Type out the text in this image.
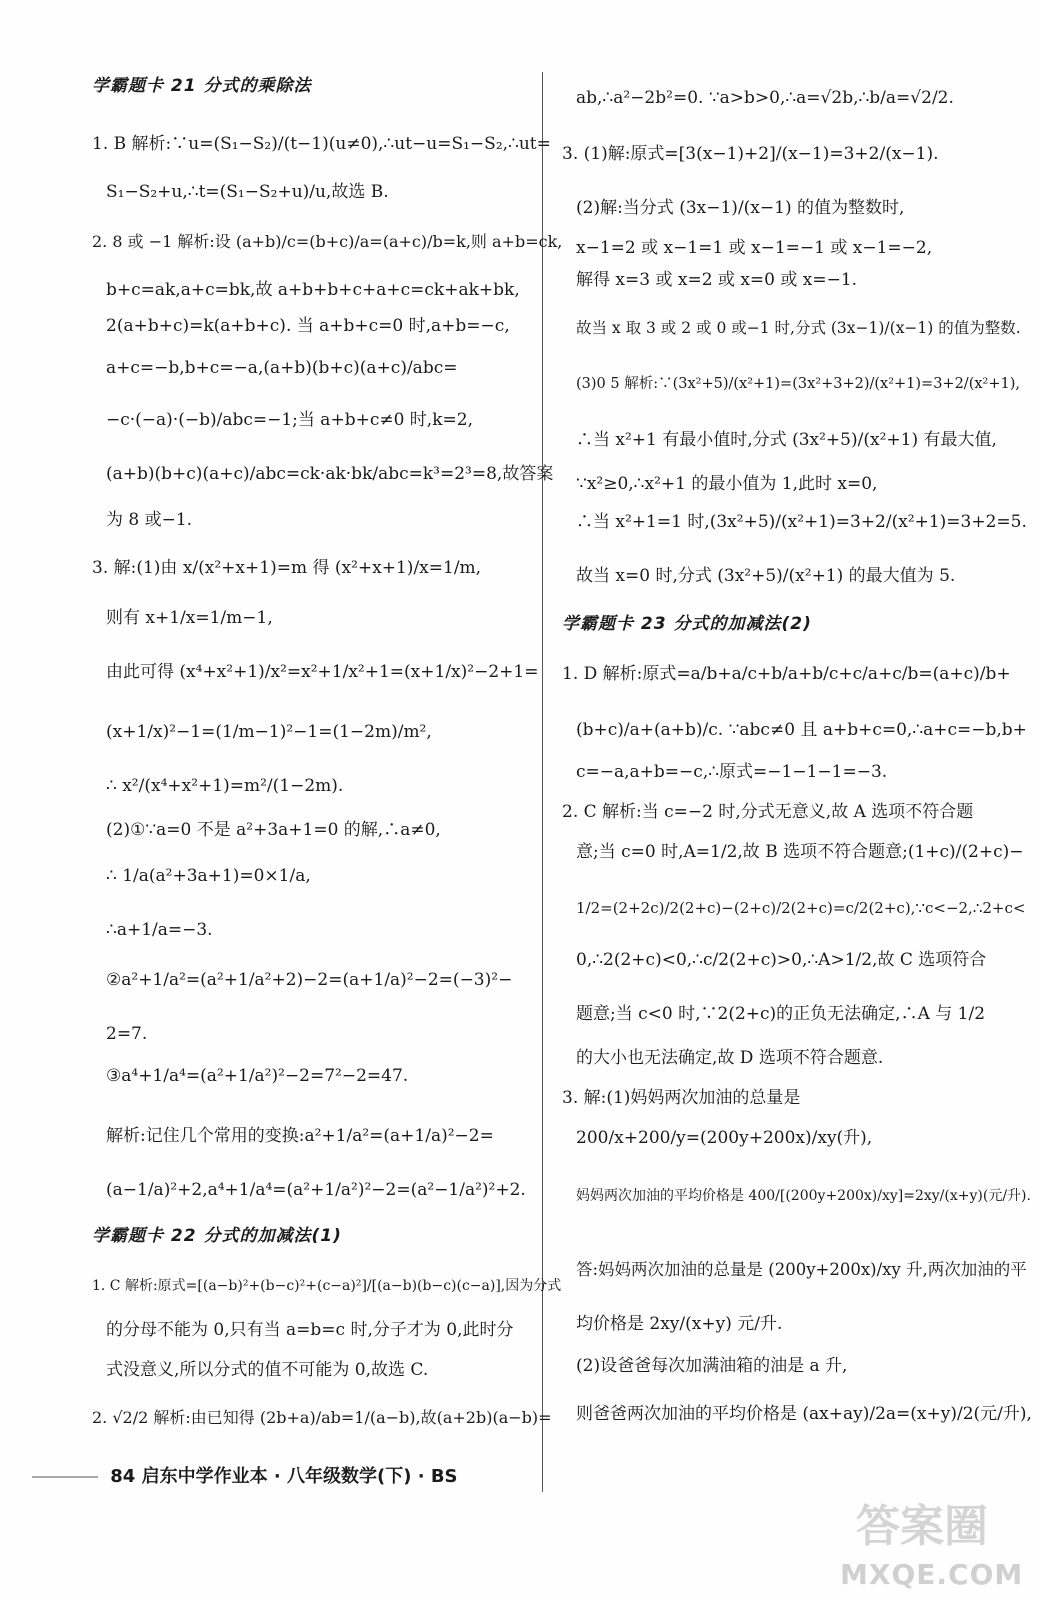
学霸题卡 21 分式的乘除法
1. B 解析:∵u=(S₁−S₂)/(t−1)(u≠0),∴ut−u=S₁−S₂,∴ut=
S₁−S₂+u,∴t=(S₁−S₂+u)/u,故选 B.
2. 8 或 −1 解析:设 (a+b)/c=(b+c)/a=(a+c)/b=k,则 a+b=ck,
b+c=ak,a+c=bk,故 a+b+b+c+a+c=ck+ak+bk,
2(a+b+c)=k(a+b+c). 当 a+b+c=0 时,a+b=−c,
a+c=−b,b+c=−a,(a+b)(b+c)(a+c)/abc=
−c·(−a)·(−b)/abc=−1;当 a+b+c≠0 时,k=2,
(a+b)(b+c)(a+c)/abc=ck·ak·bk/abc=k³=2³=8,故答案
为 8 或−1.
3. 解:(1)由 x/(x²+x+1)=m 得 (x²+x+1)/x=1/m,
则有 x+1/x=1/m−1,
由此可得 (x⁴+x²+1)/x²=x²+1/x²+1=(x+1/x)²−2+1=
(x+1/x)²−1=(1/m−1)²−1=(1−2m)/m²,
∴ x²/(x⁴+x²+1)=m²/(1−2m).
(2)①∵a=0 不是 a²+3a+1=0 的解,∴a≠0,
∴ 1/a(a²+3a+1)=0×1/a,
∴a+1/a=−3.
②a²+1/a²=(a²+1/a²+2)−2=(a+1/a)²−2=(−3)²−
2=7.
③a⁴+1/a⁴=(a²+1/a²)²−2=7²−2=47.
解析:记住几个常用的变换:a²+1/a²=(a+1/a)²−2=
(a−1/a)²+2,a⁴+1/a⁴=(a²+1/a²)²−2=(a²−1/a²)²+2.
学霸题卡 22 分式的加减法(1)
1. C 解析:原式=[(a−b)²+(b−c)²+(c−a)²]/[(a−b)(b−c)(c−a)],因为分式
的分母不能为 0,只有当 a=b=c 时,分子才为 0,此时分
式没意义,所以分式的值不可能为 0,故选 C.
2. √2/2 解析:由已知得 (2b+a)/ab=1/(a−b),故(a+2b)(a−b)=
ab,∴a²−2b²=0. ∵a>b>0,∴a=√2b,∴b/a=√2/2.
3. (1)解:原式=[3(x−1)+2]/(x−1)=3+2/(x−1).
(2)解:当分式 (3x−1)/(x−1) 的值为整数时,
x−1=2 或 x−1=1 或 x−1=−1 或 x−1=−2,
解得 x=3 或 x=2 或 x=0 或 x=−1.
故当 x 取 3 或 2 或 0 或−1 时,分式 (3x−1)/(x−1) 的值为整数.
(3)0 5 解析:∵(3x²+5)/(x²+1)=(3x²+3+2)/(x²+1)=3+2/(x²+1),
∴当 x²+1 有最小值时,分式 (3x²+5)/(x²+1) 有最大值,
∵x²≥0,∴x²+1 的最小值为 1,此时 x=0,
∴当 x²+1=1 时,(3x²+5)/(x²+1)=3+2/(x²+1)=3+2=5.
故当 x=0 时,分式 (3x²+5)/(x²+1) 的最大值为 5.
学霸题卡 23 分式的加减法(2)
1. D 解析:原式=a/b+a/c+b/a+b/c+c/a+c/b=(a+c)/b+
(b+c)/a+(a+b)/c. ∵abc≠0 且 a+b+c=0,∴a+c=−b,b+
c=−a,a+b=−c,∴原式=−1−1−1=−3.
2. C 解析:当 c=−2 时,分式无意义,故 A 选项不符合题
意;当 c=0 时,A=1/2,故 B 选项不符合题意;(1+c)/(2+c)−
1/2=(2+2c)/2(2+c)−(2+c)/2(2+c)=c/2(2+c),∵c<−2,∴2+c<
0,∴2(2+c)<0,∴c/2(2+c)>0,∴A>1/2,故 C 选项符合
题意;当 c<0 时,∵2(2+c)的正负无法确定,∴A 与 1/2
的大小也无法确定,故 D 选项不符合题意.
3. 解:(1)妈妈两次加油的总量是
200/x+200/y=(200y+200x)/xy(升),
妈妈两次加油的平均价格是 400/[(200y+200x)/xy]=2xy/(x+y)(元/升).
答:妈妈两次加油的总量是 (200y+200x)/xy 升,两次加油的平
均价格是 2xy/(x+y) 元/升.
(2)设爸爸每次加满油箱的油是 a 升,
则爸爸两次加油的平均价格是 (ax+ay)/2a=(x+y)/2(元/升),
84 启东中学作业本 · 八年级数学(下) · BS
答案圈
MXQE.COM
